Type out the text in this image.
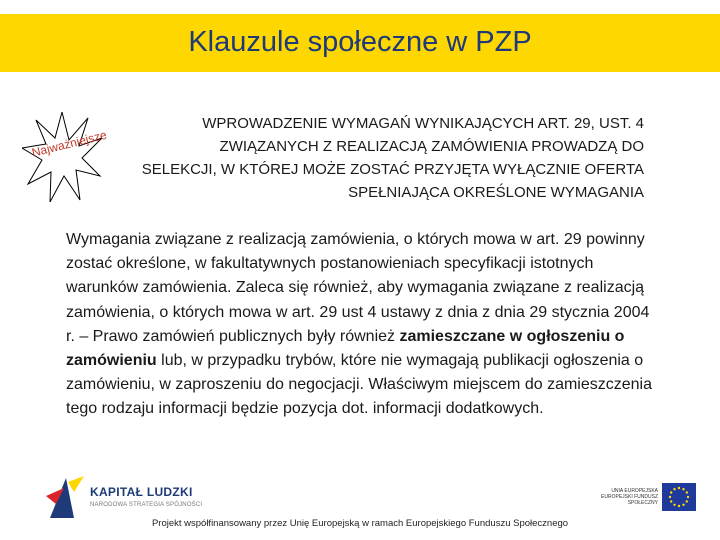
Klauzule społeczne w PZP
Najważniejsze
WPROWADZENIE WYMAGAŃ WYNIKAJĄCYCH ART. 29, UST. 4
ZWIĄZANYCH Z REALIZACJĄ ZAMÓWIENIA PROWADZĄ DO
SELEKCJI, W KTÓREJ MOŻE ZOSTAĆ PRZYJĘTA WYŁĄCZNIE OFERTA
SPEŁNIAJĄCA OKREŚLONE WYMAGANIA
Wymagania związane z realizacją zamówienia, o których mowa w art. 29 powinny zostać określone, w fakultatywnych postanowieniach specyfikacji istotnych warunków zamówienia. Zaleca się również, aby wymagania związane z realizacją zamówienia, o których mowa w art. 29 ust 4 ustawy z dnia z dnia 29 stycznia 2004 r. – Prawo zamówień publicznych były również zamieszczane w ogłoszeniu o zamówieniu lub, w przypadku trybów, które nie wymagają publikacji ogłoszenia o zamówieniu, w zaproszeniu do negocjacji. Właściwym miejscem do zamieszczenia tego rodzaju informacji będzie pozycja dot. informacji dodatkowych.
KAPITAŁ LUDZKI
NARODOWA STRATEGIA SPÓJNOŚCI
UNIA EUROPEJSKA EUROPEJSKI FUNDUSZ SPOŁECZNY
Projekt współfinansowany przez Unię Europejską w ramach Europejskiego Funduszu Społecznego
